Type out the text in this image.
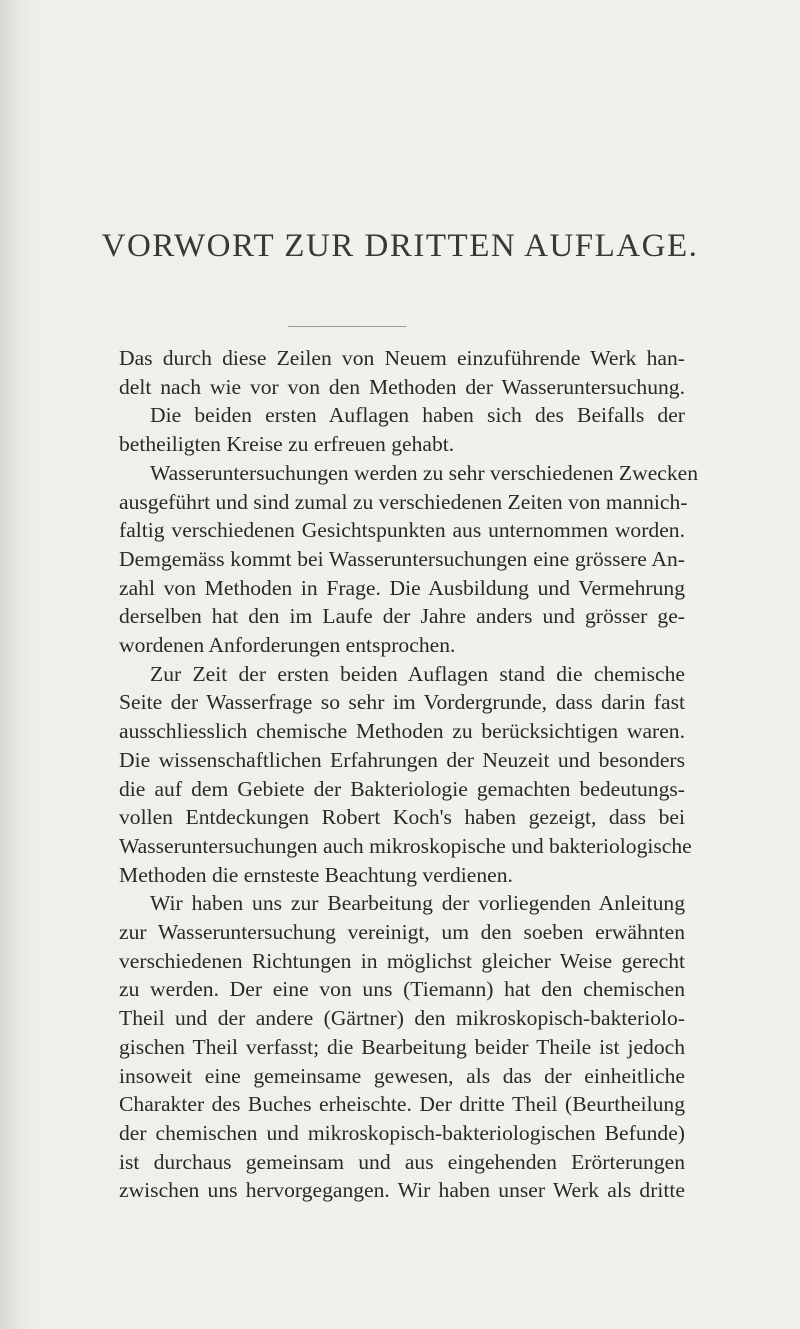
VORWORT ZUR DRITTEN AUFLAGE.
Das durch diese Zeilen von Neuem einzuführende Werk han-
delt nach wie vor von den Methoden der Wasseruntersuchung.
Die beiden ersten Auflagen haben sich des Beifalls der
betheiligten Kreise zu erfreuen gehabt.
Wasseruntersuchungen werden zu sehr verschiedenen Zwecken
ausgeführt und sind zumal zu verschiedenen Zeiten von mannich-
faltig verschiedenen Gesichtspunkten aus unternommen worden.
Demgemäss kommt bei Wasseruntersuchungen eine grössere An-
zahl von Methoden in Frage. Die Ausbildung und Vermehrung
derselben hat den im Laufe der Jahre anders und grösser ge-
wordenen Anforderungen entsprochen.
Zur Zeit der ersten beiden Auflagen stand die chemische
Seite der Wasserfrage so sehr im Vordergrunde, dass darin fast
ausschliesslich chemische Methoden zu berücksichtigen waren.
Die wissenschaftlichen Erfahrungen der Neuzeit und besonders
die auf dem Gebiete der Bakteriologie gemachten bedeutungs-
vollen Entdeckungen Robert Koch's haben gezeigt, dass bei
Wasseruntersuchungen auch mikroskopische und bakteriologische
Methoden die ernsteste Beachtung verdienen.
Wir haben uns zur Bearbeitung der vorliegenden Anleitung
zur Wasseruntersuchung vereinigt, um den soeben erwähnten
verschiedenen Richtungen in möglichst gleicher Weise gerecht
zu werden. Der eine von uns (Tiemann) hat den chemischen
Theil und der andere (Gärtner) den mikroskopisch-bakteriolo-
gischen Theil verfasst; die Bearbeitung beider Theile ist jedoch
insoweit eine gemeinsame gewesen, als das der einheitliche
Charakter des Buches erheischte. Der dritte Theil (Beurtheilung
der chemischen und mikroskopisch-bakteriologischen Befunde)
ist durchaus gemeinsam und aus eingehenden Erörterungen
zwischen uns hervorgegangen. Wir haben unser Werk als dritte
